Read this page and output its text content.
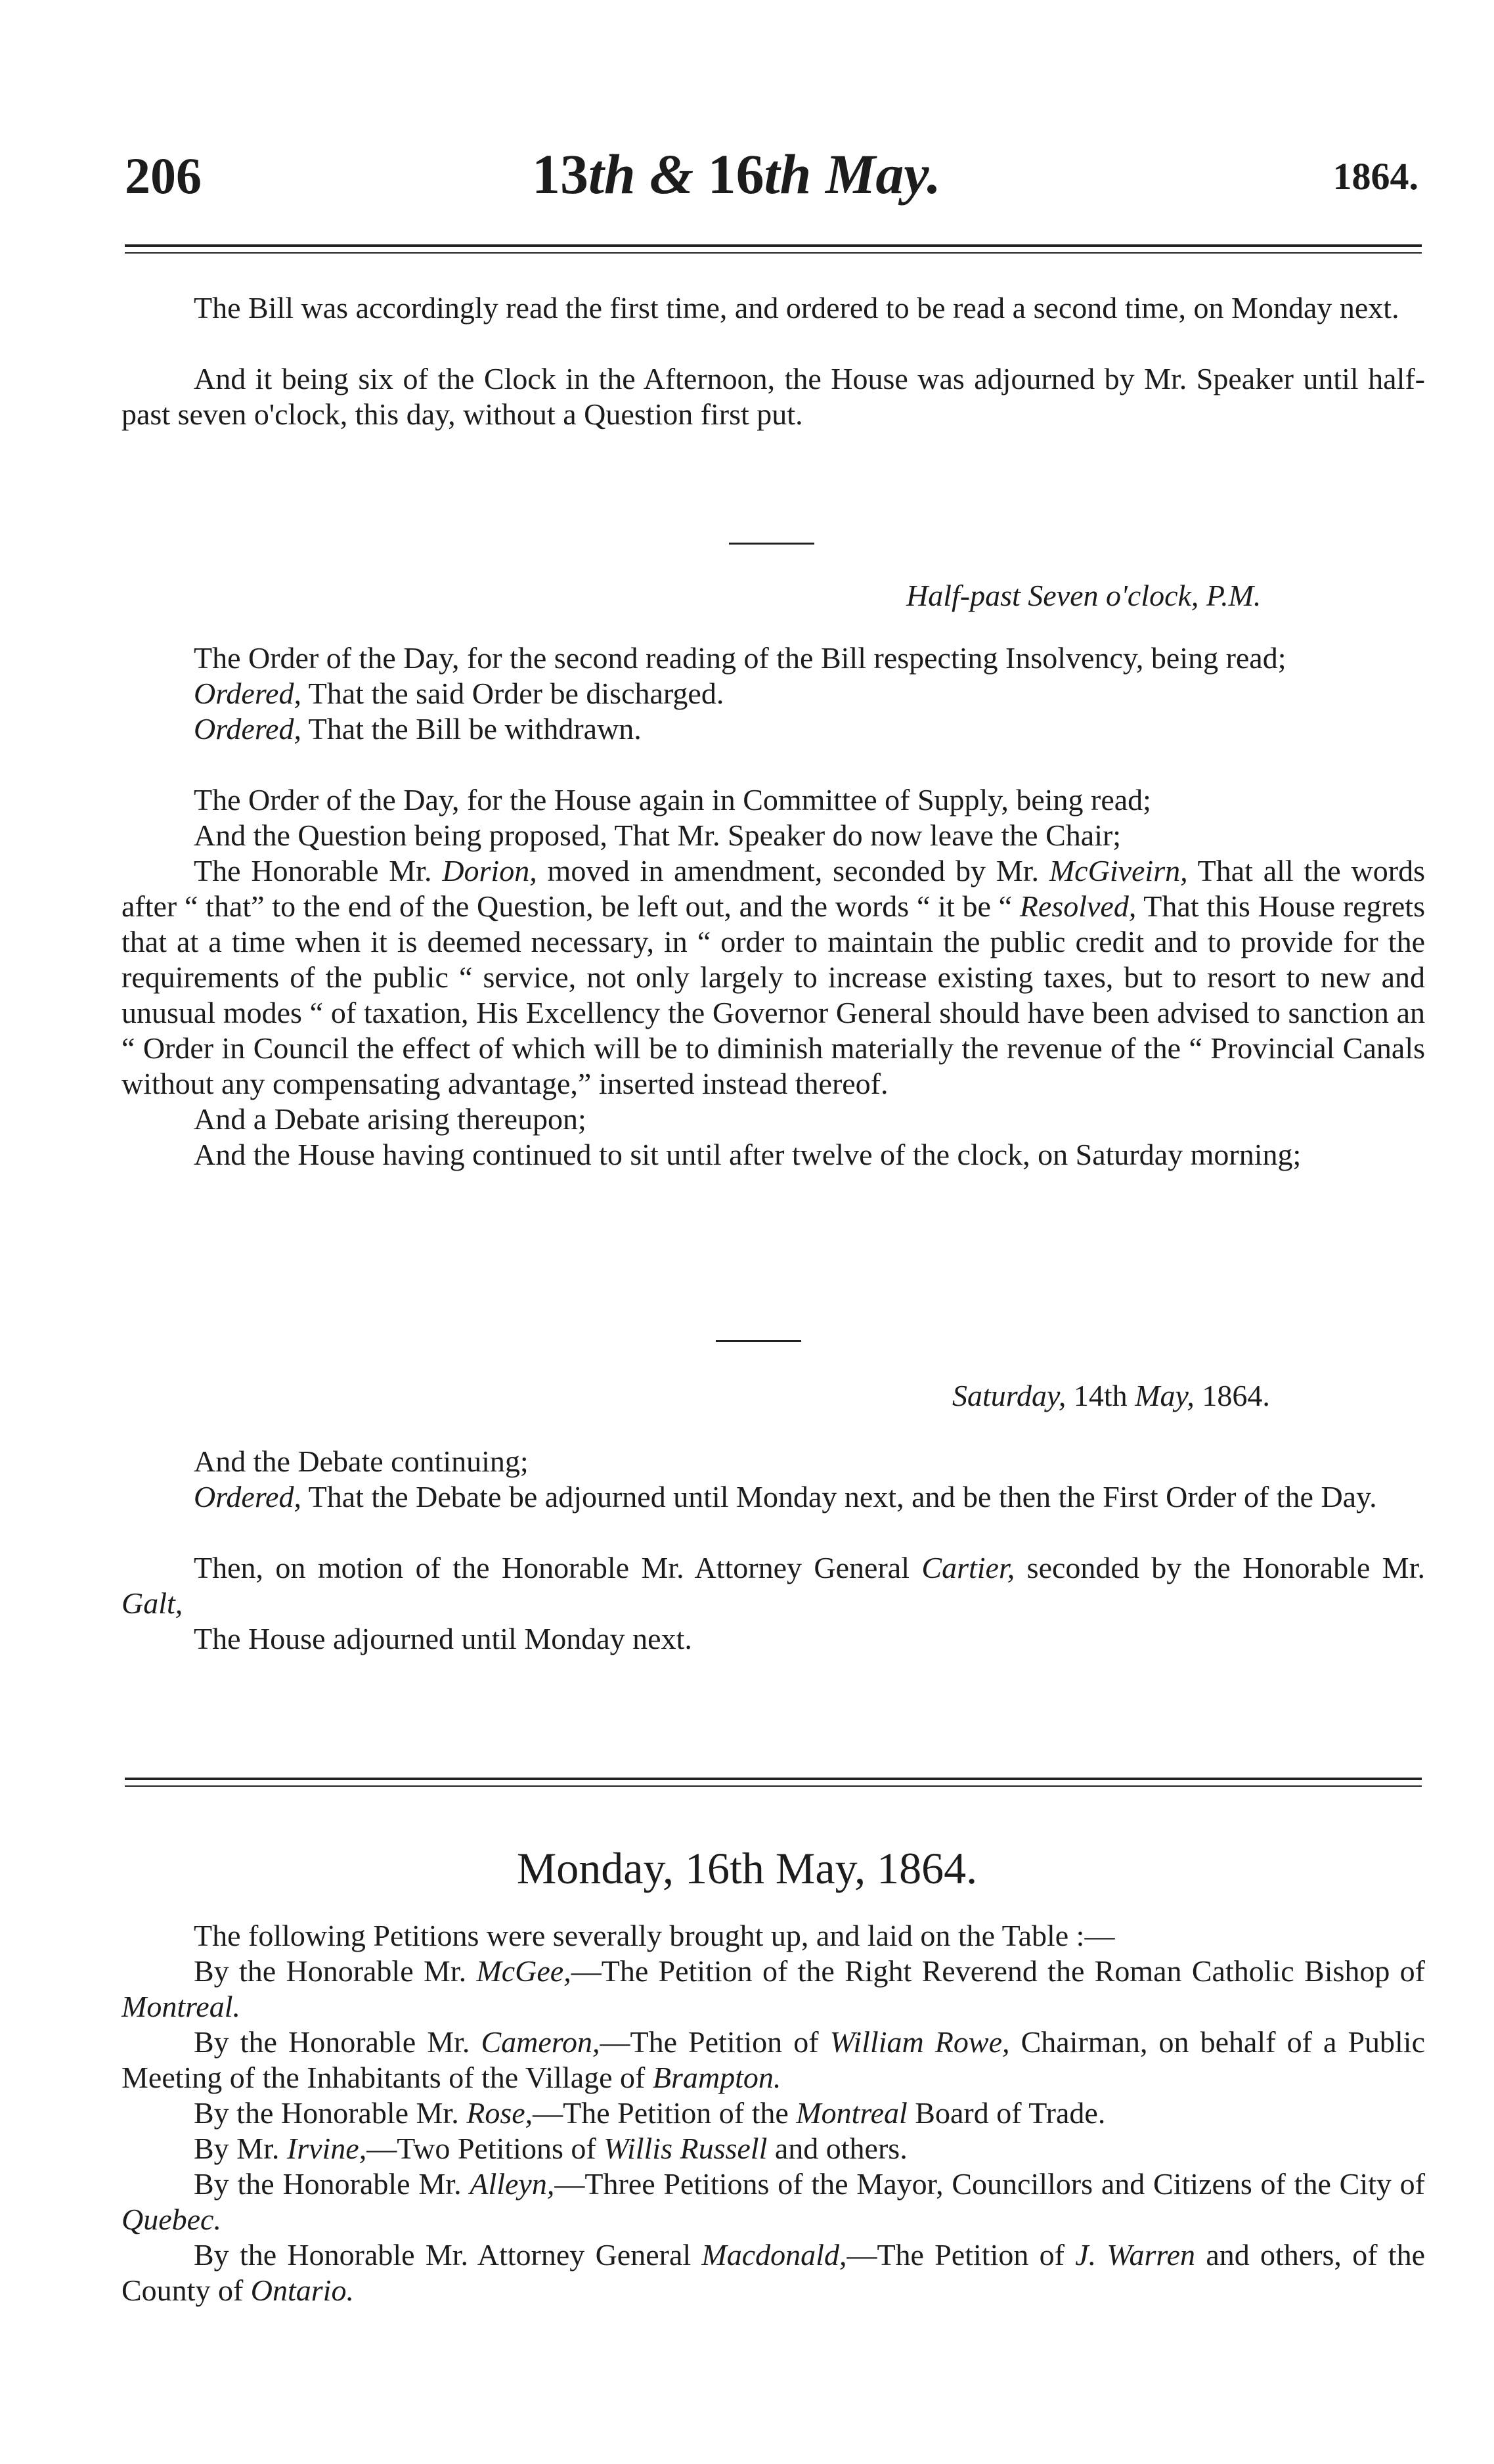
206	13th & 16th May.	1864.

The Bill was accordingly read the first time, and ordered to be read a second time, on Monday next.

And it being six of the Clock in the Afternoon, the House was adjourned by Mr. Speaker until half-past seven o'clock, this day, without a Question first put.

Half-past Seven o'clock, P.M.

The Order of the Day, for the second reading of the Bill respecting Insolvency, being read;

Ordered, That the said Order be discharged.

Ordered, That the Bill be withdrawn.

The Order of the Day, for the House again in Committee of Supply, being read;

And the Question being proposed, That Mr. Speaker do now leave the Chair;

The Honorable Mr. Dorion, moved in amendment, seconded by Mr. McGiveirn, That all the words after “ that” to the end of the Question, be left out, and the words “ it be “ Resolved, That this House regrets that at a time when it is deemed necessary, in “ order to maintain the public credit and to provide for the requirements of the public “ service, not only largely to increase existing taxes, but to resort to new and unusual modes “ of taxation, His Excellency the Governor General should have been advised to sanction an “ Order in Council the effect of which will be to diminish materially the revenue of the “ Provincial Canals without any compensating advantage,” inserted instead thereof.

And a Debate arising thereupon;

And the House having continued to sit until after twelve of the clock, on Saturday morning;

Saturday, 14th May, 1864.

And the Debate continuing;

Ordered, That the Debate be adjourned until Monday next, and be then the First Order of the Day.

Then, on motion of the Honorable Mr. Attorney General Cartier, seconded by the Honorable Mr. Galt,

The House adjourned until Monday next.

Monday, 16th May, 1864.

The following Petitions were severally brought up, and laid on the Table :—

By the Honorable Mr. McGee,—The Petition of the Right Reverend the Roman Catholic Bishop of Montreal.

By the Honorable Mr. Cameron,—The Petition of William Rowe, Chairman, on behalf of a Public Meeting of the Inhabitants of the Village of Brampton.

By the Honorable Mr. Rose,—The Petition of the Montreal Board of Trade.

By Mr. Irvine,—Two Petitions of Willis Russell and others.

By the Honorable Mr. Alleyn,—Three Petitions of the Mayor, Councillors and Citizens of the City of Quebec.

By the Honorable Mr. Attorney General Macdonald,—The Petition of J. Warren and others, of the County of Ontario.
